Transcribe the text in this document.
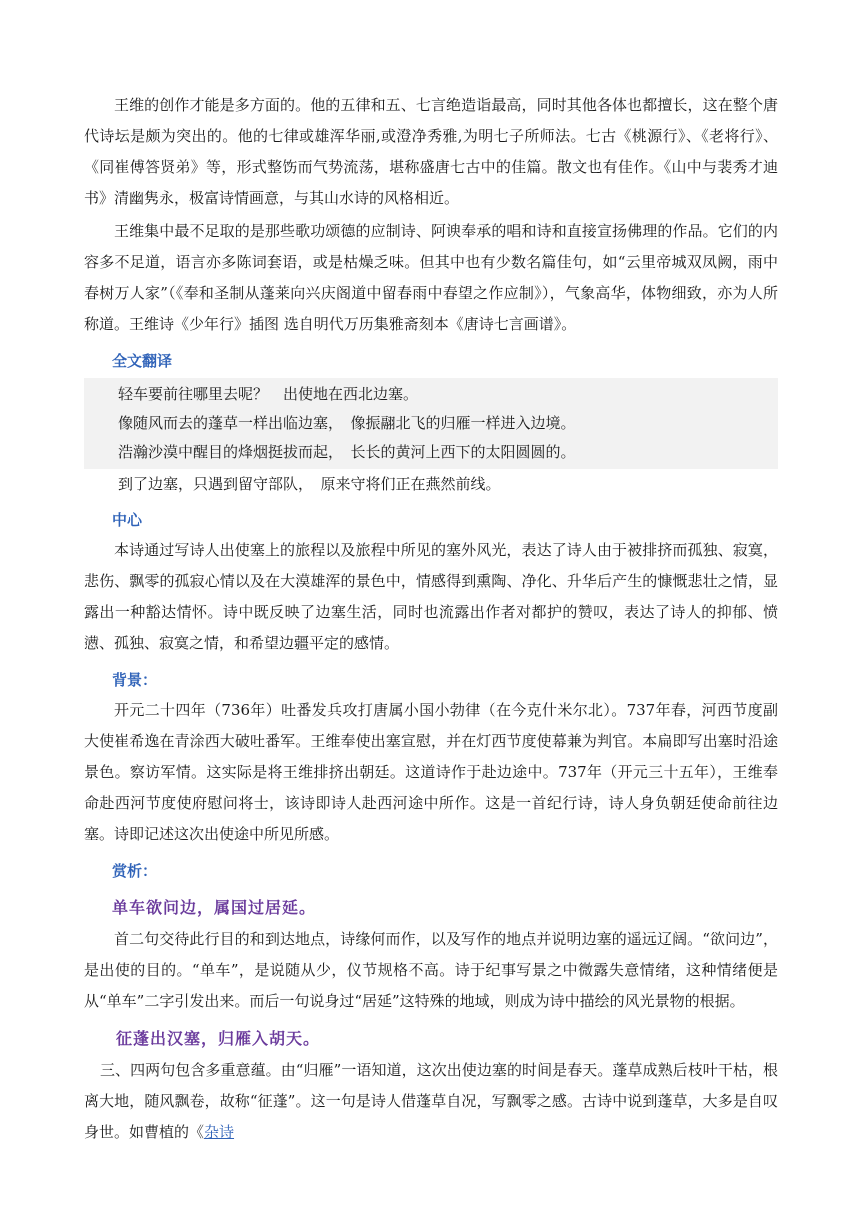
王维的创作才能是多方面的。他的五律和五、七言绝造诣最高，同时其他各体也都擅长，这在整个唐代诗坛是颇为突出的。他的七律或雄浑华丽,或澄净秀雅,为明七子所师法。七古《桃源行》、《老将行》、《同崔傅答贤弟》等，形式整饬而气势流荡，堪称盛唐七古中的佳篇。散文也有佳作。《山中与裴秀才迪书》清幽隽永，极富诗情画意，与其山水诗的风格相近。

王维集中最不足取的是那些歌功颂德的应制诗、阿谀奉承的唱和诗和直接宣扬佛理的作品。它们的内容多不足道，语言亦多陈词套语，或是枯燥乏味。但其中也有少数名篇佳句，如“云里帝城双凤阙，雨中春树万人家”（《奉和圣制从蓬莱向兴庆阁道中留春雨中春望之作应制》），气象高华，体物细致，亦为人所称道。王维诗《少年行》插图 选自明代万历集雅斋刻本《唐诗七言画谱》。

全文翻译

轻车要前往哪里去呢？　出使地在西北边塞。

像随风而去的蓬草一样出临边塞，　像振翮北飞的归雁一样进入边境。

浩瀚沙漠中醒目的烽烟挺拔而起，　长长的黄河上西下的太阳圆圆的。

到了边塞，只遇到留守部队，　原来守将们正在燕然前线。

中心

本诗通过写诗人出使塞上的旅程以及旅程中所见的塞外风光，表达了诗人由于被排挤而孤独、寂寞，悲伤、飘零的孤寂心情以及在大漠雄浑的景色中，情感得到熏陶、净化、升华后产生的慷慨悲壮之情，显露出一种豁达情怀。诗中既反映了边塞生活，同时也流露出作者对都护的赞叹，表达了诗人的抑郁、愤懑、孤独、寂寞之情，和希望边疆平定的感情。

背景：

开元二十四年（736年）吐番发兵攻打唐属小国小勃律（在今克什米尔北）。737年春，河西节度副大使崔希逸在青涂西大破吐番军。王维奉使出塞宣慰，并在灯西节度使幕兼为判官。本扁即写出塞时沿途景色。察访军情。这实际是将王维排挤出朝廷。这道诗作于赴边途中。737年（开元三十五年），王维奉命赴西河节度使府慰问将士，该诗即诗人赴西河途中所作。这是一首纪行诗，诗人身负朝廷使命前往边塞。诗即记述这次出使途中所见所感。

赏析：
单车欲问边，属国过居延。

首二句交待此行目的和到达地点，诗缘何而作，以及写作的地点并说明边塞的遥远辽阔。“欲问边”，是出使的目的。“单车”，是说随从少，仪节规格不高。诗于纪事写景之中微露失意情绪，这种情绪便是从“单车”二字引发出来。而后一句说身过“居延”这特殊的地域，则成为诗中描绘的风光景物的根据。

征蓬出汉塞，归雁入胡天。

三、四两句包含多重意蕴。由“归雁”一语知道，这次出使边塞的时间是春天。蓬草成熟后枝叶干枯，根离大地，随风飘卷，故称“征蓬”。这一句是诗人借蓬草自况，写飘零之感。古诗中说到蓬草，大多是自叹身世。如曹植的《杂诗
